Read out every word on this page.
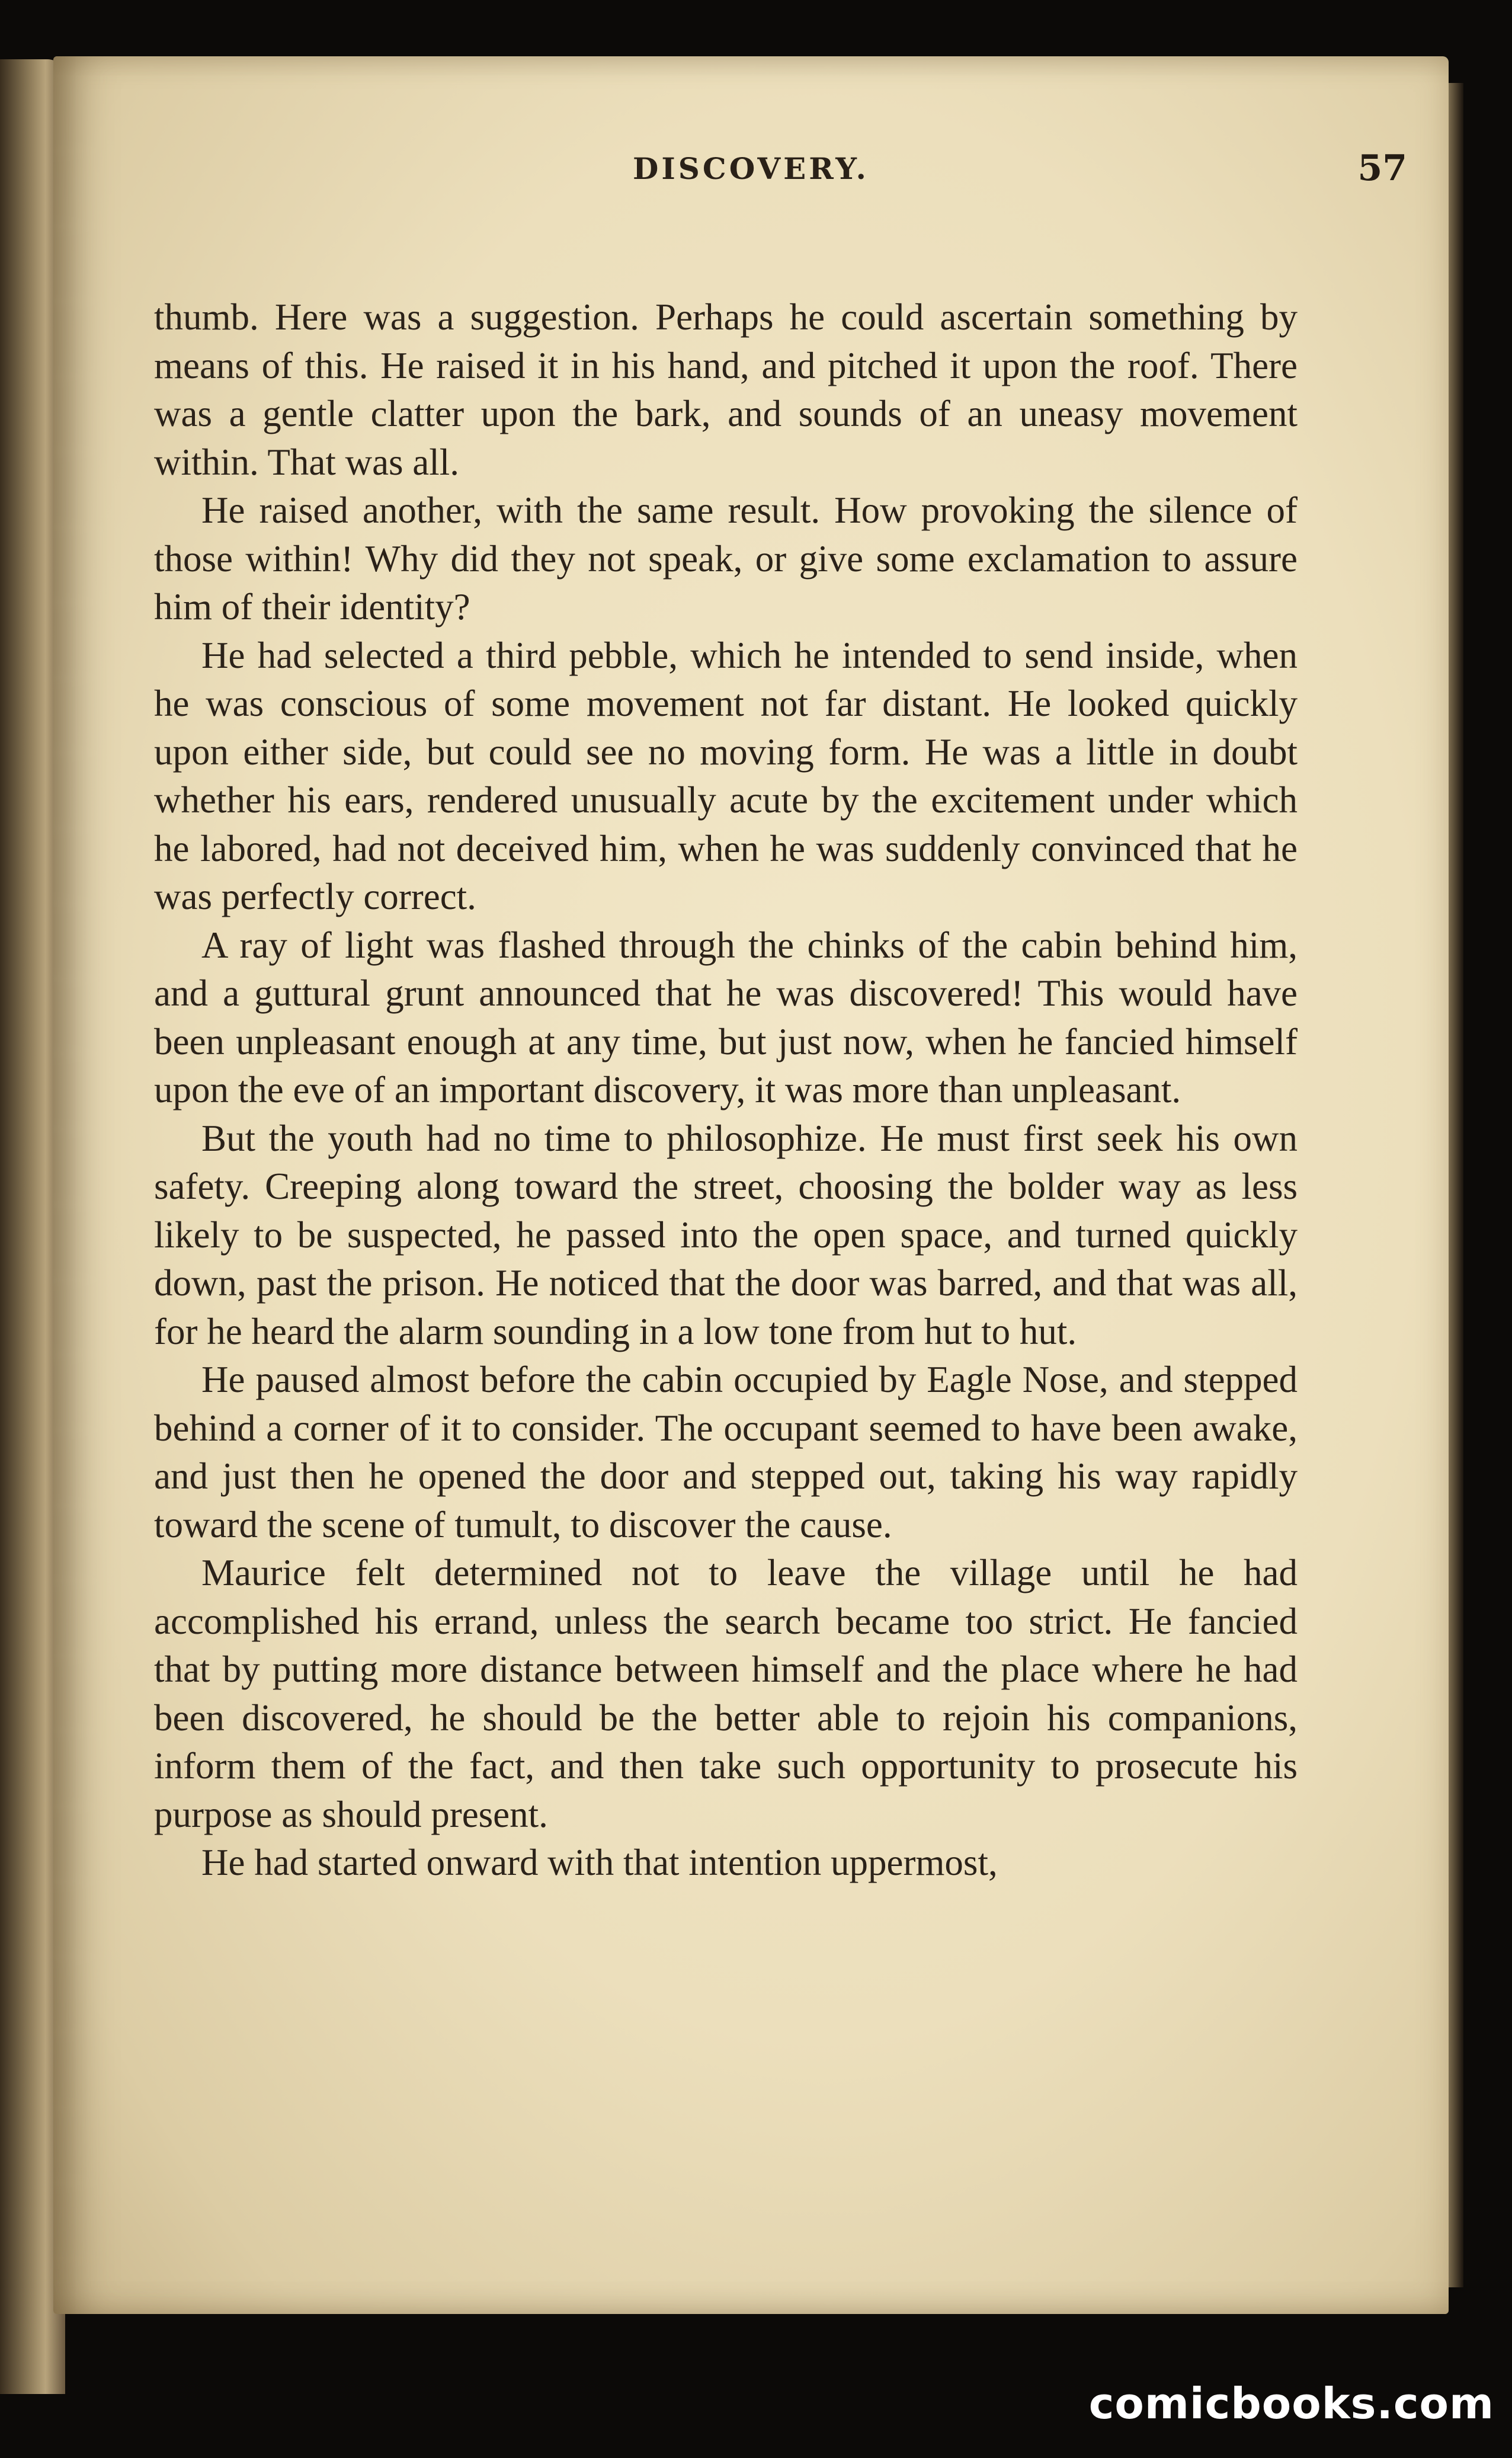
DISCOVERY.	57

thumb. Here was a suggestion. Perhaps he could ascertain something by means of this. He raised it in his hand, and pitched it upon the roof. There was a gentle clatter upon the bark, and sounds of an uneasy movement within. That was all.

He raised another, with the same result. How provoking the silence of those within! Why did they not speak, or give some exclamation to assure him of their identity?

He had selected a third pebble, which he intended to send inside, when he was conscious of some movement not far distant. He looked quickly upon either side, but could see no moving form. He was a little in doubt whether his ears, rendered unusually acute by the excitement under which he labored, had not deceived him, when he was suddenly convinced that he was perfectly correct.

A ray of light was flashed through the chinks of the cabin behind him, and a guttural grunt announced that he was discovered! This would have been unpleasant enough at any time, but just now, when he fancied himself upon the eve of an important discovery, it was more than unpleasant.

But the youth had no time to philosophize. He must first seek his own safety. Creeping along toward the street, choosing the bolder way as less likely to be suspected, he passed into the open space, and turned quickly down, past the prison. He noticed that the door was barred, and that was all, for he heard the alarm sounding in a low tone from hut to hut.

He paused almost before the cabin occupied by Eagle Nose, and stepped behind a corner of it to consider. The occupant seemed to have been awake, and just then he opened the door and stepped out, taking his way rapidly toward the scene of tumult, to discover the cause.

Maurice felt determined not to leave the village until he had accomplished his errand, unless the search became too strict. He fancied that by putting more distance between himself and the place where he had been discovered, he should be the better able to rejoin his companions, inform them of the fact, and then take such opportunity to prosecute his purpose as should present.

He had started onward with that intention uppermost,

comicbooks.com
